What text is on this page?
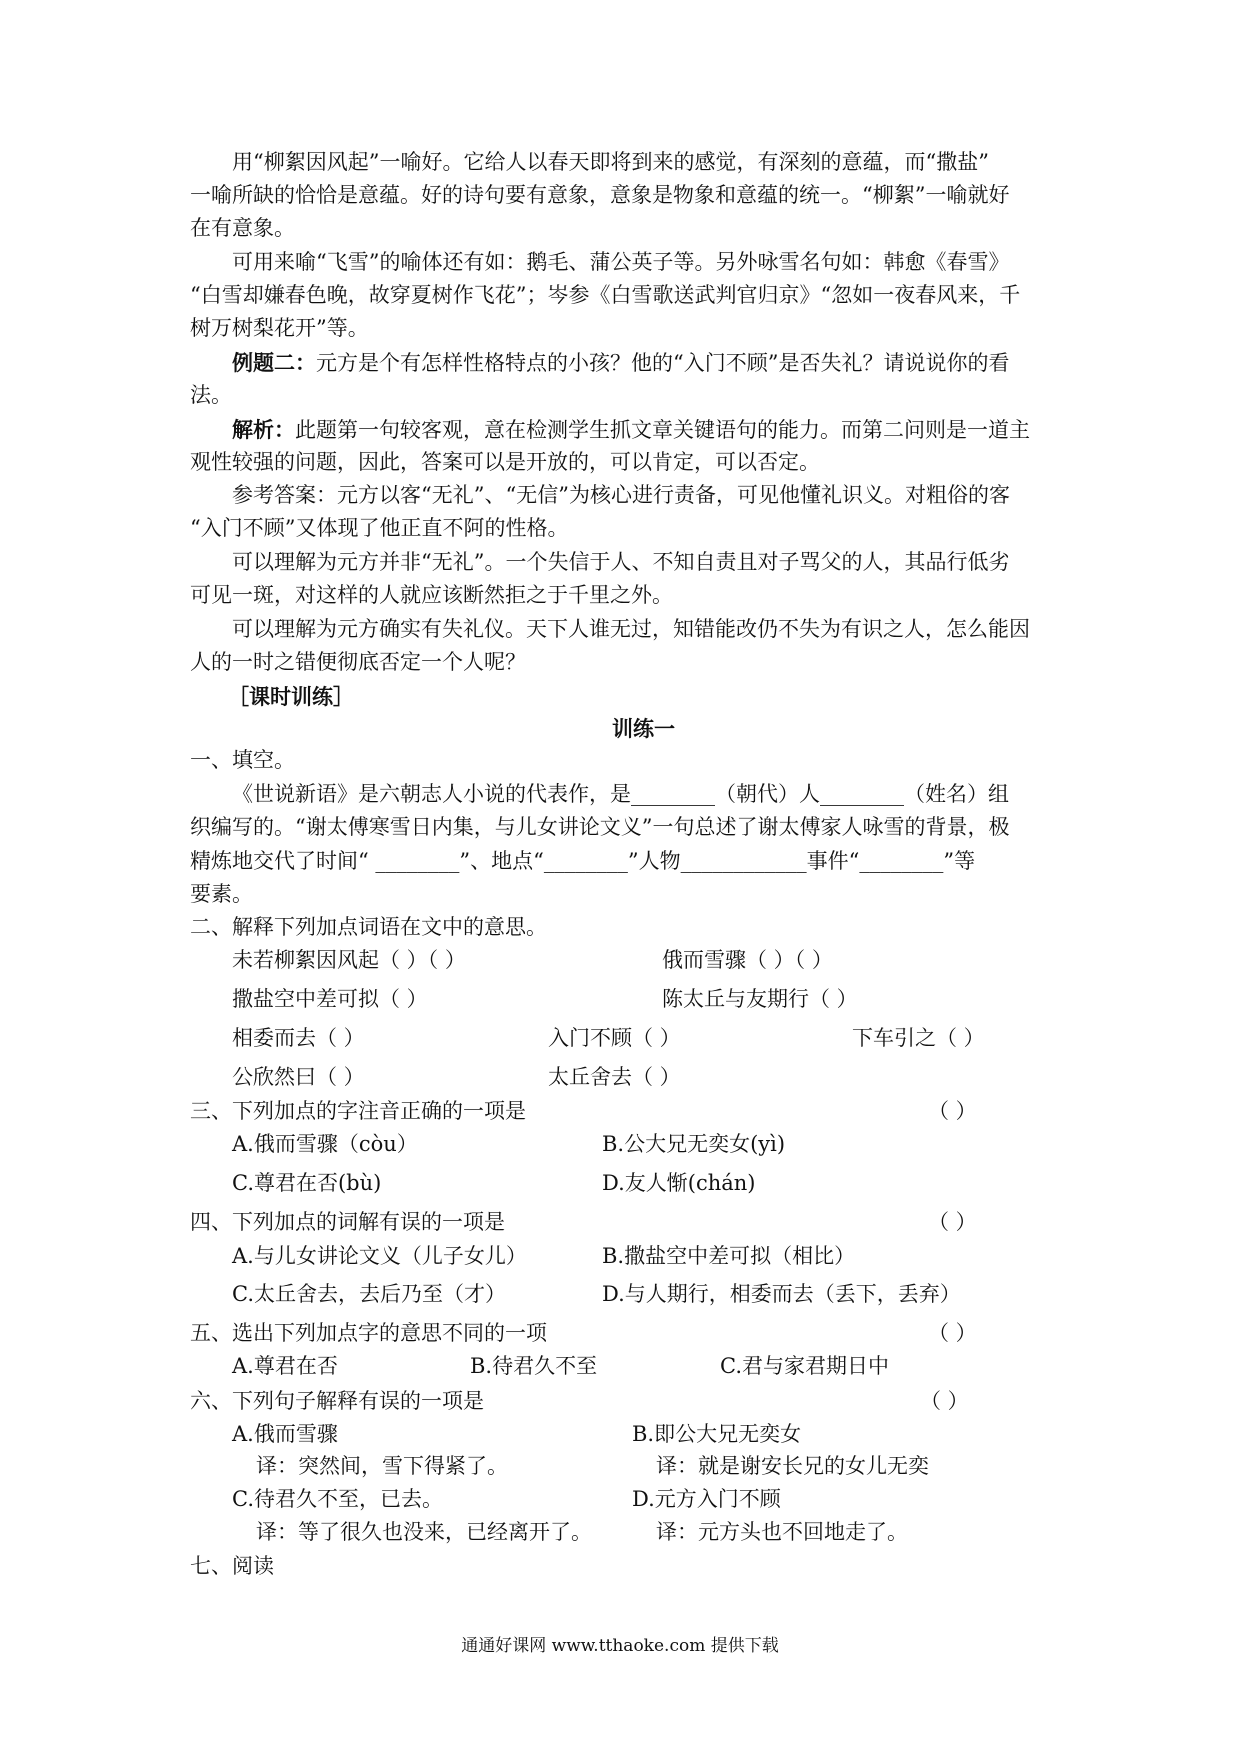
用“柳絮因风起”一喻好。它给人以春天即将到来的感觉，有深刻的意蕴，而“撒盐”
一喻所缺的恰恰是意蕴。好的诗句要有意象，意象是物象和意蕴的统一。“柳絮”一喻就好
在有意象。
可用来喻“飞雪”的喻体还有如：鹅毛、蒲公英子等。另外咏雪名句如：韩愈《春雪》
“白雪却嫌春色晚，故穿夏树作飞花”；岑参《白雪歌送武判官归京》“忽如一夜春风来，千
树万树梨花开”等。
例题二：元方是个有怎样性格特点的小孩？他的“入门不顾”是否失礼？请说说你的看
法。
解析：此题第一句较客观，意在检测学生抓文章关键语句的能力。而第二问则是一道主
观性较强的问题，因此，答案可以是开放的，可以肯定，可以否定。
参考答案：元方以客“无礼”、“无信”为核心进行责备，可见他懂礼识义。对粗俗的客
“入门不顾”又体现了他正直不阿的性格。
可以理解为元方并非“无礼”。一个失信于人、不知自责且对子骂父的人，其品行低劣
可见一斑，对这样的人就应该断然拒之于千里之外。
可以理解为元方确实有失礼仪。天下人谁无过，知错能改仍不失为有识之人，怎么能因
人的一时之错便彻底否定一个人呢？
［课时训练］
训练一
一、填空。
《世说新语》是六朝志人小说的代表作，是________（朝代）人________（姓名）组
织编写的。“谢太傅寒雪日内集，与儿女讲论文义”一句总述了谢太傅家人咏雪的背景，极
精炼地交代了时间“ ________”、地点“________”人物____________事件“________”等
要素。
二、解释下列加点词语在文中的意思。
未若柳絮因风起（ ）（ ）	俄而雪骤（ ）（ ）
撒盐空中差可拟（ ）	陈太丘与友期行（ ）
相委而去（ ）	入门不顾（ ）	下车引之（ ）
公欣然曰（ ）	太丘舍去（ ）
三、下列加点的字注音正确的一项是	（ ）
A.俄而雪骤（còu）	B.公大兄无奕女(yì)
C.尊君在否(bù)	D.友人惭(chán)
四、下列加点的词解有误的一项是	（ ）
A.与儿女讲论文义（儿子女儿）	B.撒盐空中差可拟（相比）
C.太丘舍去，去后乃至（才）	D.与人期行，相委而去（丢下，丢弃）
五、选出下列加点字的意思不同的一项	（ ）
A.尊君在否	B.待君久不至	C.君与家君期日中
六、下列句子解释有误的一项是	（ ）
A.俄而雪骤	B.即公大兄无奕女
译：突然间，雪下得紧了。	译：就是谢安长兄的女儿无奕
C.待君久不至，已去。	D.元方入门不顾
译：等了很久也没来，已经离开了。	译：元方头也不回地走了。
七、阅读
通通好课网 www.tthaoke.com 提供下载
